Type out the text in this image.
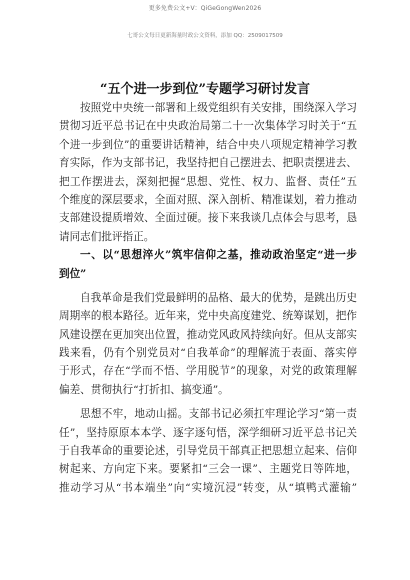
更多免费公文+V：QiGeGongWen2026
七哥公文每日更新海量时政公文资料，添加 QQ：2509017509
“五个进一步到位”专题学习研讨发言
按照党中央统一部署和上级党组织有关安排，围绕深入学习
贯彻习近平总书记在中央政治局第二十一次集体学习时关于“五
个进一步到位”的重要讲话精神，结合中央八项规定精神学习教
育实际，作为支部书记，我坚持把自己摆进去、把职责摆进去、
把工作摆进去，深刻把握“思想、党性、权力、监督、责任”五
个维度的深层要求，全面对照、深入剖析、精准谋划，着力推动
支部建设提质增效、全面过硬。接下来我谈几点体会与思考，恳
请同志们批评指正。
一、以“思想淬火”筑牢信仰之基，推动政治坚定“进一步
到位”
自我革命是我们党最鲜明的品格、最大的优势，是跳出历史
周期率的根本路径。近年来，党中央高度建党、统筹谋划，把作
风建设摆在更加突出位置，推动党风政风持续向好。但从支部实
践来看，仍有个别党员对“自我革命”的理解流于表面、落实停
于形式，存在“学而不悟、学用脱节”的现象，对党的政策理解
偏差、贯彻执行“打折扣、搞变通”。
思想不牢，地动山摇。支部书记必须扛牢理论学习“第一责
任”，坚持原原本本学、逐字逐句悟，深学细研习近平总书记关
于自我革命的重要论述，引导党员干部真正把思想立起来、信仰
树起来、方向定下来。要紧扣“三会一课”、主题党日等阵地，
推动学习从“书本端坐”向“实境沉浸”转变，从“填鸭式灌输”
